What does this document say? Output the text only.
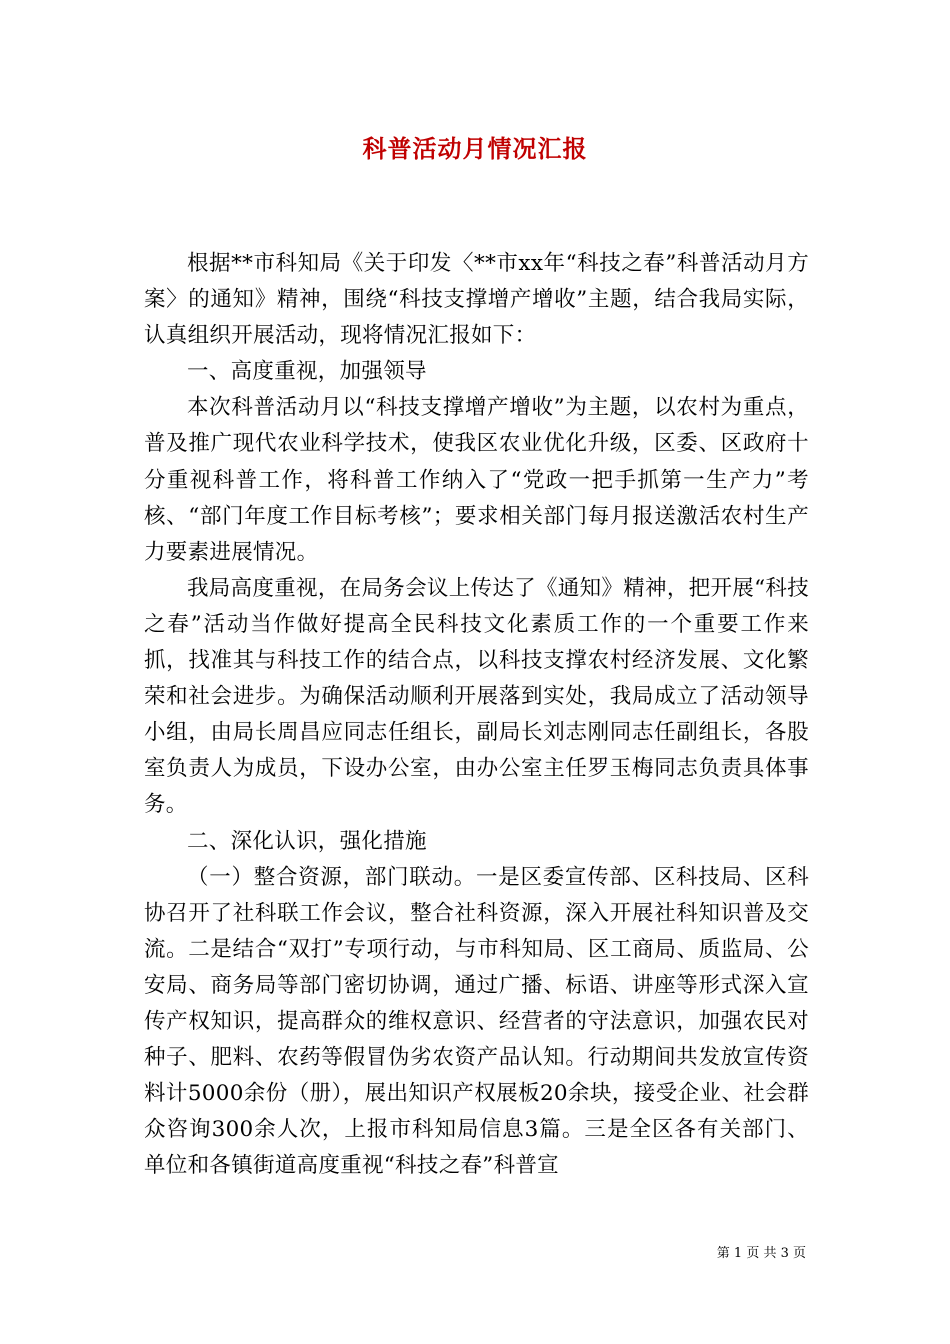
科普活动月情况汇报

根据**市科知局《关于印发〈**市xx年“科技之春”科普活动月方案〉的通知》精神，围绕“科技支撑增产增收”主题，结合我局实际，认真组织开展活动，现将情况汇报如下：

一、高度重视，加强领导

本次科普活动月以“科技支撑增产增收”为主题，以农村为重点，普及推广现代农业科学技术，使我区农业优化升级，区委、区政府十分重视科普工作，将科普工作纳入了“党政一把手抓第一生产力”考核、“部门年度工作目标考核”；要求相关部门每月报送激活农村生产力要素进展情况。

我局高度重视，在局务会议上传达了《通知》精神，把开展“科技之春”活动当作做好提高全民科技文化素质工作的一个重要工作来抓，找准其与科技工作的结合点，以科技支撑农村经济发展、文化繁荣和社会进步。为确保活动顺利开展落到实处，我局成立了活动领导小组，由局长周昌应同志任组长，副局长刘志刚同志任副组长，各股室负责人为成员，下设办公室，由办公室主任罗玉梅同志负责具体事务。

二、深化认识，强化措施

（一）整合资源，部门联动。一是区委宣传部、区科技局、区科协召开了社科联工作会议，整合社科资源，深入开展社科知识普及交流。二是结合“双打”专项行动，与市科知局、区工商局、质监局、公安局、商务局等部门密切协调，通过广播、标语、讲座等形式深入宣传产权知识，提高群众的维权意识、经营者的守法意识，加强农民对种子、肥料、农药等假冒伪劣农资产品认知。行动期间共发放宣传资料计5000余份（册），展出知识产权展板20余块，接受企业、社会群众咨询300余人次，上报市科知局信息3篇。三是全区各有关部门、单位和各镇街道高度重视“科技之春”科普宣

第 1 页 共 3 页
